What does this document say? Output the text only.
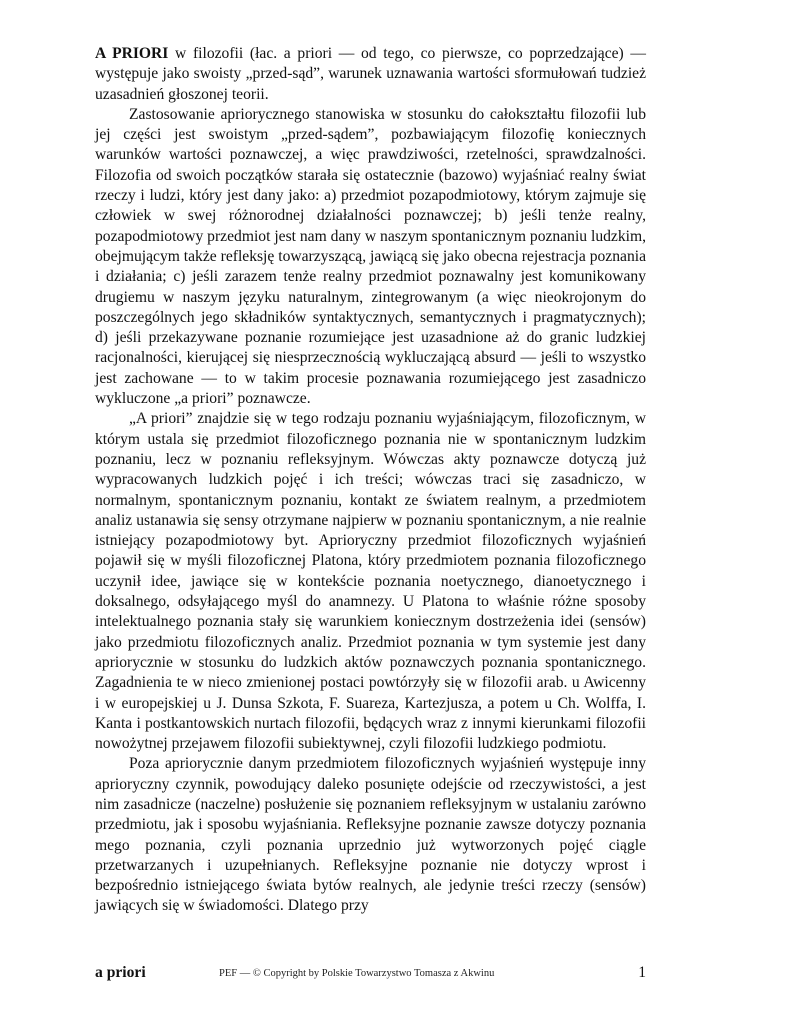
A PRIORI w filozofii (łac. a priori — od tego, co pierwsze, co poprzedzające) — występuje jako swoisty „przed-sąd”, warunek uznawania wartości sformułowań tudzież uzasadnień głoszonej teorii.

Zastosowanie apriorycznego stanowiska w stosunku do całokształtu filozofii lub jej części jest swoistym „przed-sądem”, pozbawiającym filozofię koniecznych warunków wartości poznawczej, a więc prawdziwości, rzetelności, sprawdzalności. Filozofia od swoich początków starała się ostatecznie (bazowo) wyjaśniać realny świat rzeczy i ludzi, który jest dany jako: a) przedmiot pozapodmiotowy, którym zajmuje się człowiek w swej różnorodnej działalności poznawczej; b) jeśli tenże realny, pozapodmiotowy przedmiot jest nam dany w naszym spontanicznym poznaniu ludzkim, obejmującym także refleksję towarzyszącą, jawiącą się jako obecna rejestracja poznania i działania; c) jeśli zarazem tenże realny przedmiot poznawalny jest komunikowany drugiemu w naszym języku naturalnym, zintegrowanym (a więc nieokrojonym do poszczególnych jego składników syntaktycznych, semantycznych i pragmatycznych); d) jeśli przekazywane poznanie rozumiejące jest uzasadnione aż do granic ludzkiej racjonalności, kierującej się niesprzecznością wykluczającą absurd — jeśli to wszystko jest zachowane — to w takim procesie poznawania rozumiejącego jest zasadniczo wykluczone „a priori” poznawcze.

„A priori” znajdzie się w tego rodzaju poznaniu wyjaśniającym, filozoficznym, w którym ustala się przedmiot filozoficznego poznania nie w spontanicznym ludzkim poznaniu, lecz w poznaniu refleksyjnym. Wówczas akty poznawcze dotyczą już wypracowanych ludzkich pojęć i ich treści; wówczas traci się zasadniczo, w normalnym, spontanicznym poznaniu, kontakt ze światem realnym, a przedmiotem analiz ustanawia się sensy otrzymane najpierw w poznaniu spontanicznym, a nie realnie istniejący pozapodmiotowy byt. Aprioryczny przedmiot filozoficznych wyjaśnień pojawił się w myśli filozoficznej Platona, który przedmiotem poznania filozoficznego uczynił idee, jawiące się w kontekście poznania noetycznego, dianoetycznego i doksalnego, odsyłającego myśl do anamnezy. U Platona to właśnie różne sposoby intelektualnego poznania stały się warunkiem koniecznym dostrzeżenia idei (sensów) jako przedmiotu filozoficznych analiz. Przedmiot poznania w tym systemie jest dany apriorycznie w stosunku do ludzkich aktów poznawczych poznania spontanicznego. Zagadnienia te w nieco zmienionej postaci powtórzyły się w filozofii arab. u Awicenny i w europejskiej u J. Dunsa Szkota, F. Suareza, Kartezjusza, a potem u Ch. Wolffa, I. Kanta i postkantowskich nurtach filozofii, będących wraz z innymi kierunkami filozofii nowożytnej przejawem filozofii subiektywnej, czyli filozofii ludzkiego podmiotu.

Poza apriorycznie danym przedmiotem filozoficznych wyjaśnień występuje inny aprioryczny czynnik, powodujący daleko posunięte odejście od rzeczywistości, a jest nim zasadnicze (naczelne) posłużenie się poznaniem refleksyjnym w ustalaniu zarówno przedmiotu, jak i sposobu wyjaśniania. Refleksyjne poznanie zawsze dotyczy poznania mego poznania, czyli poznania uprzednio już wytworzonych pojęć ciągle przetwarzanych i uzupełnianych. Refleksyjne poznanie nie dotyczy wprost i bezpośrednio istniejącego świata bytów realnych, ale jedynie treści rzeczy (sensów) jawiących się w świadomości. Dlatego przy

a priori	PEF — © Copyright by Polskie Towarzystwo Tomasza z Akwinu	1
